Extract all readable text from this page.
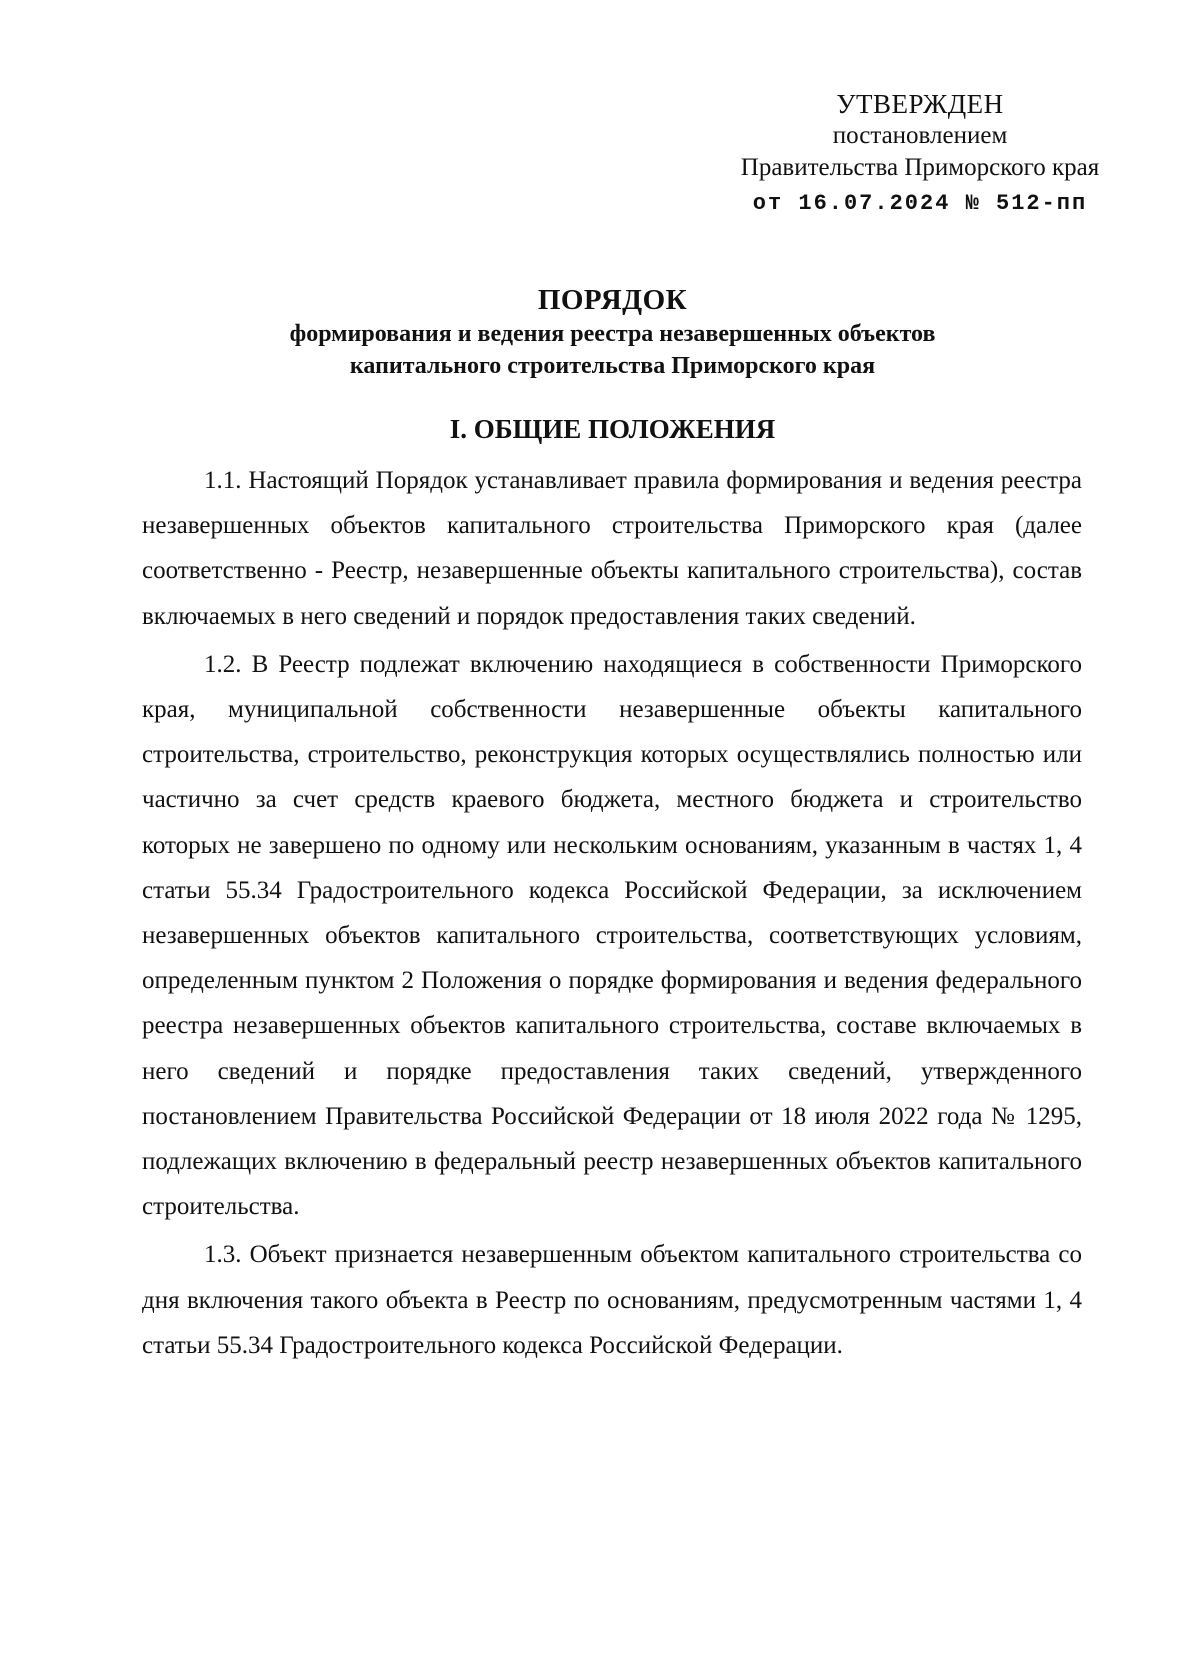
УТВЕРЖДЕН
постановлением
Правительства Приморского края
от 16.07.2024 № 512-пп
ПОРЯДОК
формирования и ведения реестра незавершенных объектов
капитального строительства Приморского края
I. ОБЩИЕ ПОЛОЖЕНИЯ

1.1. Настоящий Порядок устанавливает правила формирования и ведения реестра незавершенных объектов капитального строительства Приморского края (далее соответственно - Реестр, незавершенные объекты капитального строительства), состав включаемых в него сведений и порядок предоставления таких сведений.

1.2. В Реестр подлежат включению находящиеся в собственности Приморского края, муниципальной собственности незавершенные объекты капитального строительства, строительство, реконструкция которых осуществлялись полностью или частично за счет средств краевого бюджета, местного бюджета и строительство которых не завершено по одному или нескольким основаниям, указанным в частях 1, 4 статьи 55.34 Градостроительного кодекса Российской Федерации, за исключением незавершенных объектов капитального строительства, соответствующих условиям, определенным пунктом 2 Положения о порядке формирования и ведения федерального реестра незавершенных объектов капитального строительства, составе включаемых в него сведений и порядке предоставления таких сведений, утвержденного постановлением Правительства Российской Федерации от 18 июля 2022 года № 1295, подлежащих включению в федеральный реестр незавершенных объектов капитального строительства.

1.3. Объект признается незавершенным объектом капитального строительства со дня включения такого объекта в Реестр по основаниям, предусмотренным частями 1, 4 статьи 55.34 Градостроительного кодекса Российской Федерации.
